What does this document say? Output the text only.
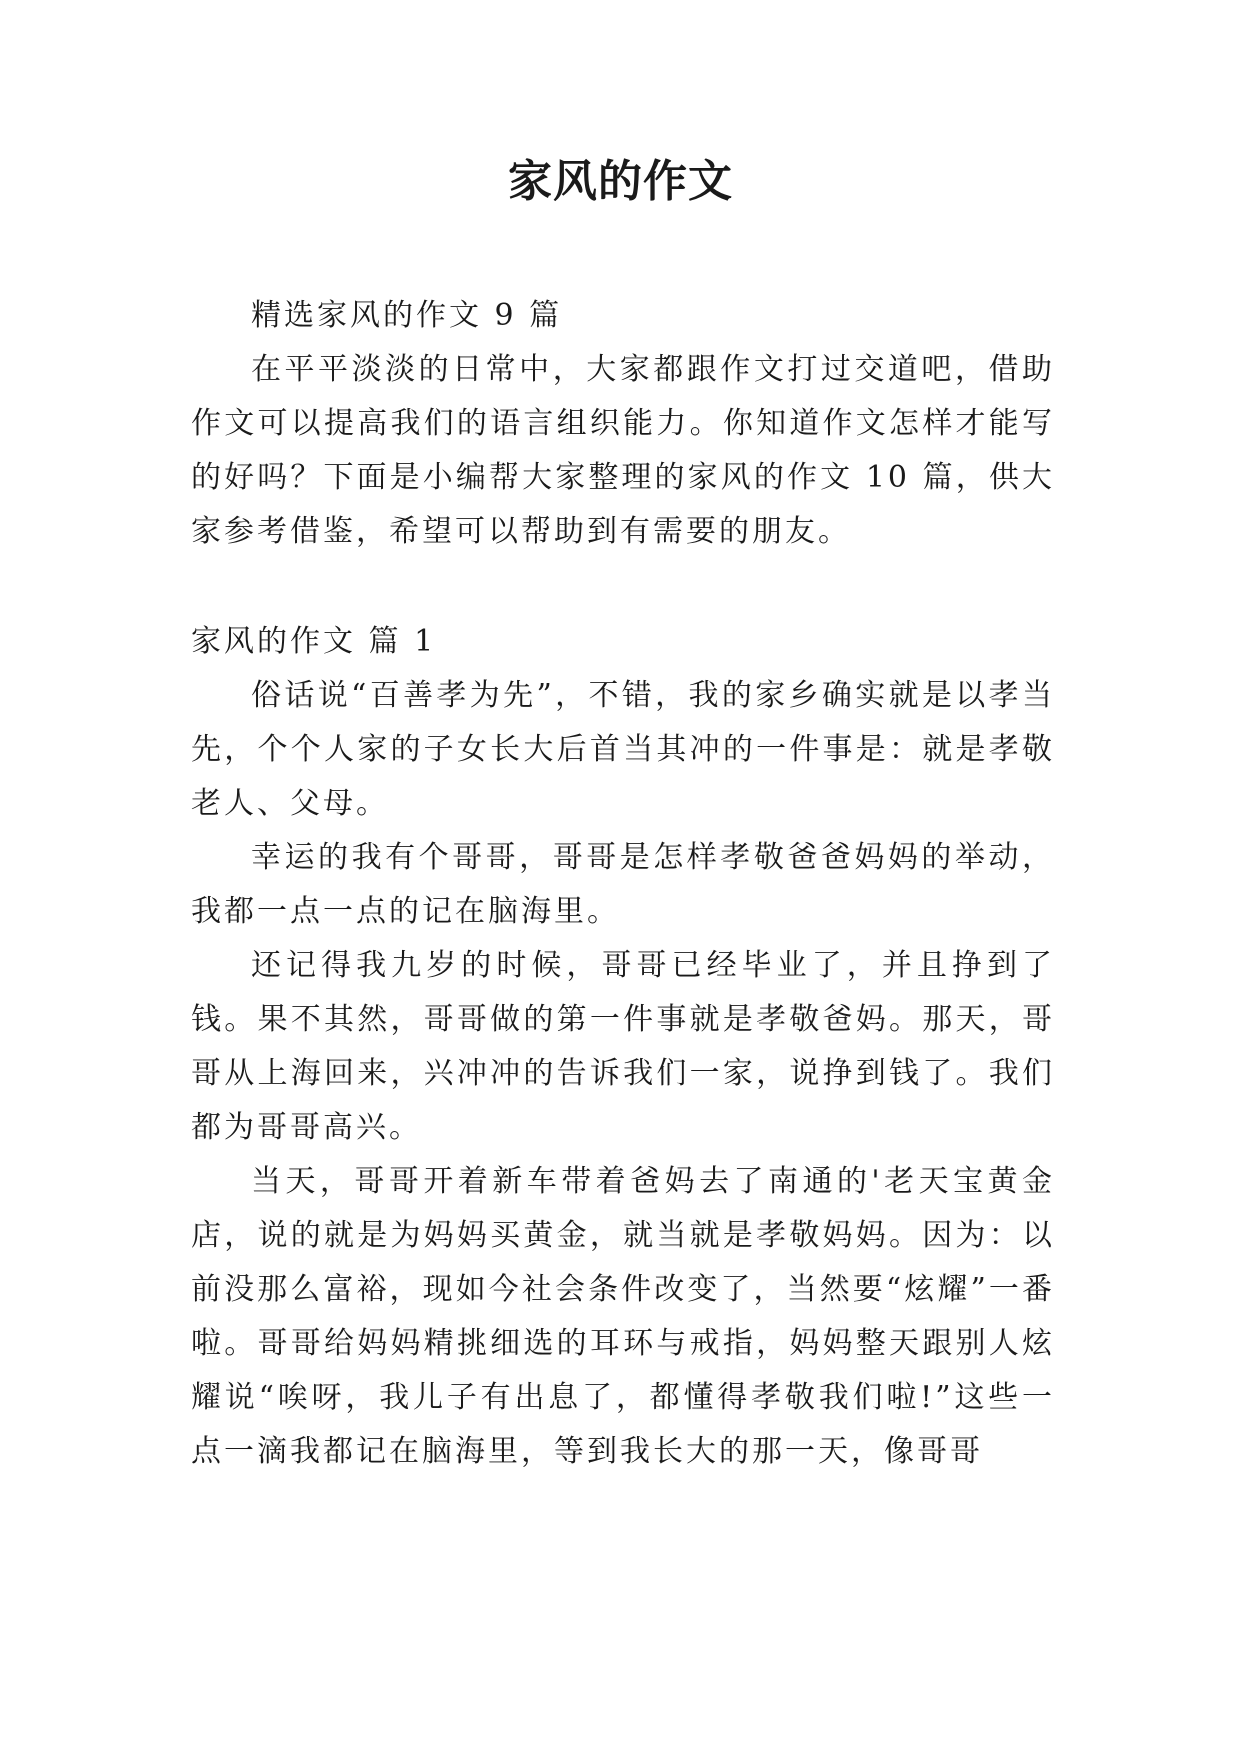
家风的作文

精选家风的作文 9 篇

在平平淡淡的日常中，大家都跟作文打过交道吧，借助作文可以提高我们的语言组织能力。你知道作文怎样才能写的好吗？下面是小编帮大家整理的家风的作文 10 篇，供大家参考借鉴，希望可以帮助到有需要的朋友。

家风的作文 篇 1

俗话说“百善孝为先”，不错，我的家乡确实就是以孝当先，个个人家的子女长大后首当其冲的一件事是：就是孝敬老人、父母。

幸运的我有个哥哥，哥哥是怎样孝敬爸爸妈妈的举动，我都一点一点的记在脑海里。

还记得我九岁的时候，哥哥已经毕业了，并且挣到了钱。果不其然，哥哥做的第一件事就是孝敬爸妈。那天，哥哥从上海回来，兴冲冲的告诉我们一家，说挣到钱了。我们都为哥哥高兴。

当天，哥哥开着新车带着爸妈去了南通的'老天宝黄金店，说的就是为妈妈买黄金，就当就是孝敬妈妈。因为：以前没那么富裕，现如今社会条件改变了，当然要“炫耀”一番啦。哥哥给妈妈精挑细选的耳环与戒指，妈妈整天跟别人炫耀说“唉呀，我儿子有出息了，都懂得孝敬我们啦!”这些一点一滴我都记在脑海里，等到我长大的那一天，像哥哥
